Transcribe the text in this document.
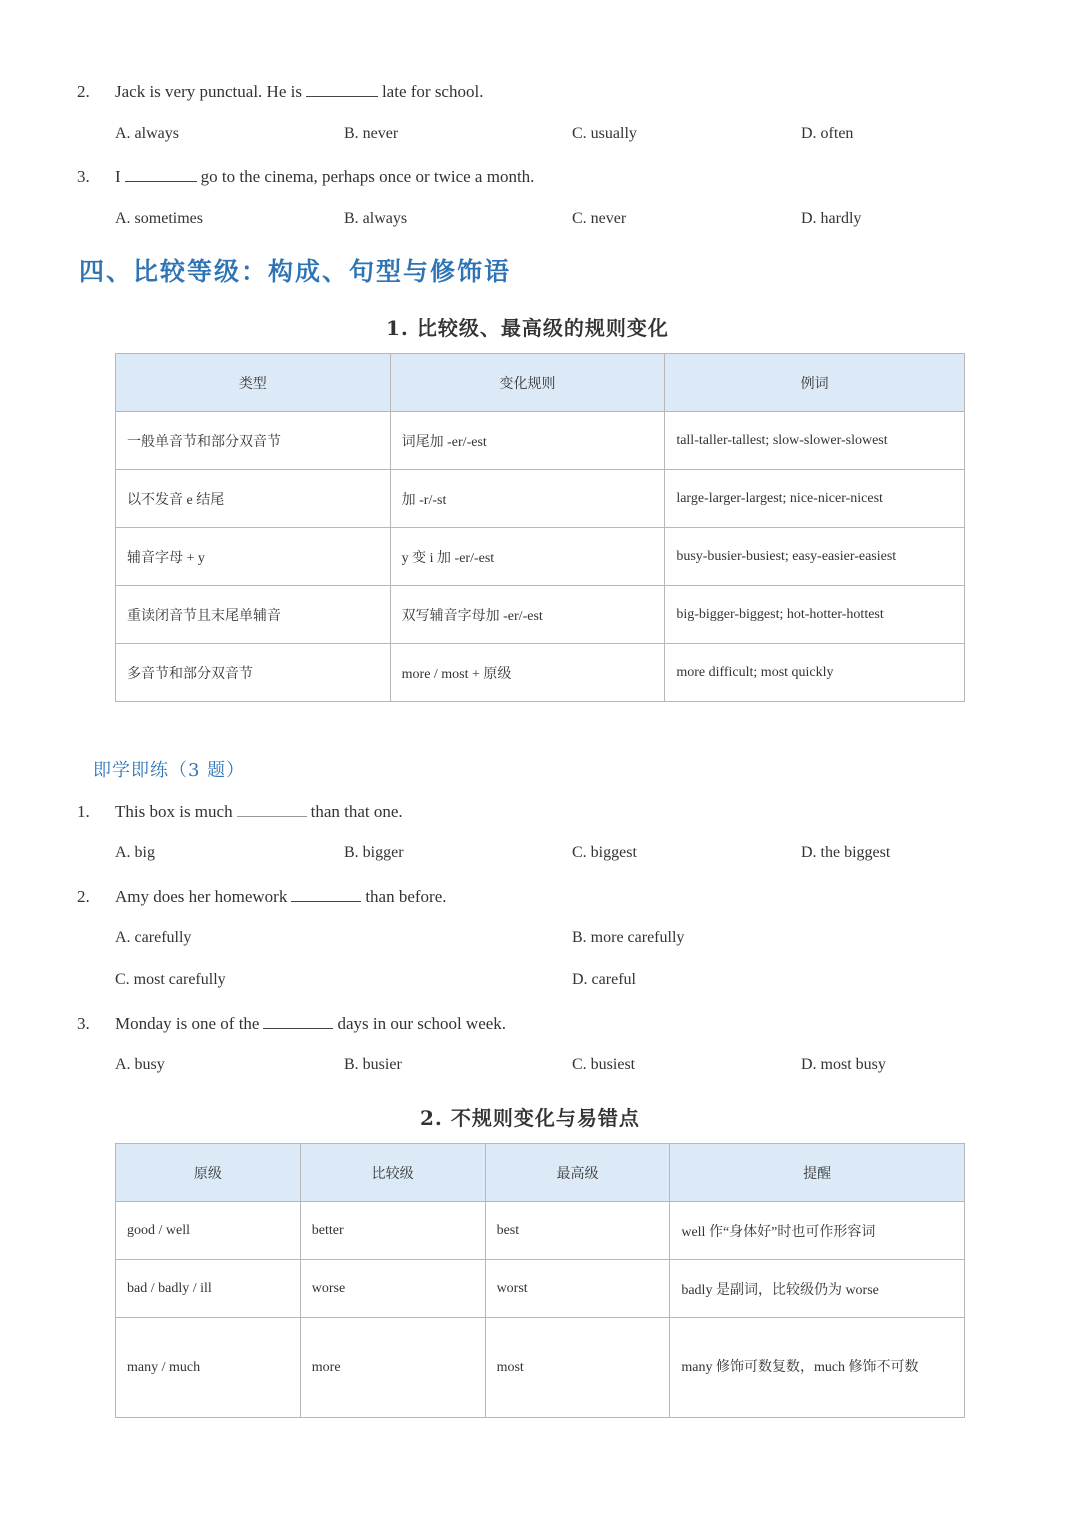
2. Jack is very punctual. He is	late for school.
A. always	B. never	C. usually	D. often
3. I	go to the cinema, perhaps once or twice a month.
A. sometimes	B. always	C. never	D. hardly
四、比较等级：构成、句型与修饰语
1. 比较级、最高级的规则变化
类型	变化规则	例词
一般单音节和部分双音节	词尾加 -er/-est	tall-taller-tallest; slow-slower-slowest
以不发音 e 结尾	加 -r/-st	large-larger-largest; nice-nicer-nicest
辅音字母 + y	y 变 i 加 -er/-est	busy-busier-busiest; easy-easier-easiest
重读闭音节且末尾单辅音	双写辅音字母加 -er/-est	big-bigger-biggest; hot-hotter-hottest
多音节和部分双音节	more / most + 原级	more difficult; most quickly
即学即练（3 题）
1. This box is much	than that one.
A. big	B. bigger	C. biggest	D. the biggest
2. Amy does her homework	than before.
A. carefully	B. more carefully
C. most carefully	D. careful
3. Monday is one of the	days in our school week.
A. busy	B. busier	C. busiest	D. most busy
2. 不规则变化与易错点
原级	比较级	最高级	提醒
good / well	better	best	well 作“身体好”时也可作形容词
bad / badly / ill	worse	worst	badly 是副词，比较级仍为 worse
many / much	more	most	many 修饰可数复数，much 修饰不可数
